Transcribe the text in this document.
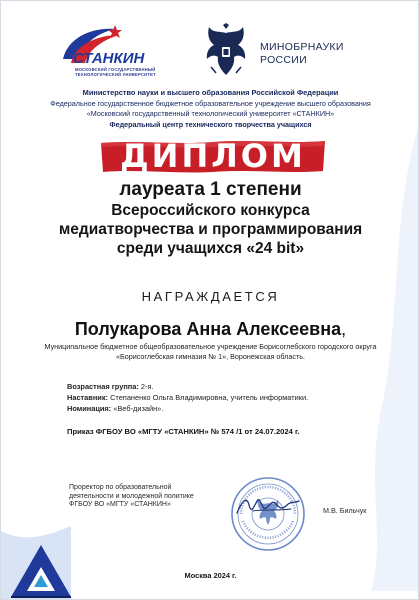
СТАНКИН
МОСКОВСКИЙ ГОСУДАРСТВЕННЫЙ ТЕХНОЛОГИЧЕСКИЙ УНИВЕРСИТЕТ
МИНОБРНАУКИ
РОССИИ
Министерство науки и высшего образования Российской Федерации
Федеральное государственное бюджетное образовательное учреждение высшего образования
«Московский государственный технологический университет «СТАНКИН»
Федеральный центр технического творчества учащихся
ДИПЛОМ
лауреата 1 степени
Всероссийского конкурса
медиатворчества и программирования
среди учащихся «24 bit»
НАГРАЖДАЕТСЯ
Полукарова Анна Алексеевна,
Муниципальное бюджетное общеобразовательное учреждение Борисоглебского городского округа
«Борисоглебская гимназия № 1», Воронежская область.
Возрастная группа: 2-я.
Наставник: Степаненко Ольга Владимировна, учитель информатики.
Номинация: «Веб-дизайн».
Приказ ФГБОУ ВО «МГТУ «СТАНКИН» № 574 /1 от 24.07.2024 г.
Проректор по образовательной
деятельности и молодежной политике
ФГБОУ ВО «МГТУ «СТАНКИН»
М.В. Бильчук
Москва 2024 г.
